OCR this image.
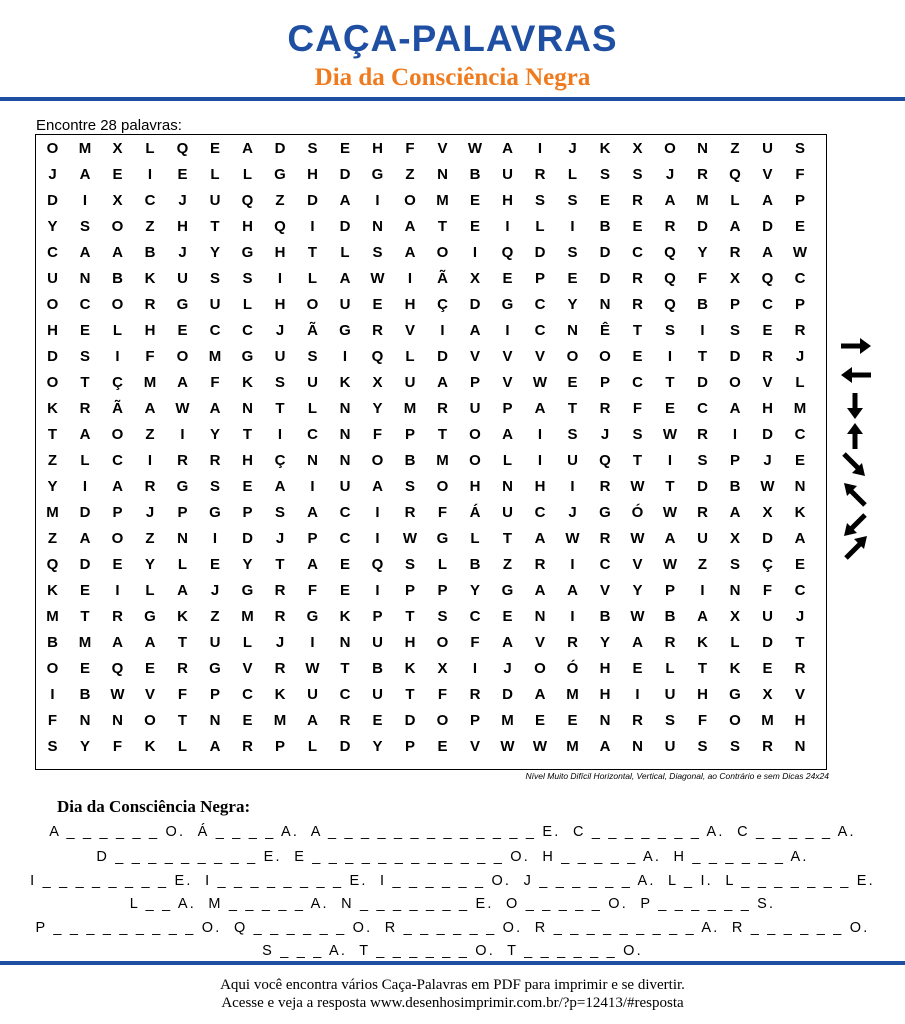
CAÇA-PALAVRAS
Dia da Consciência Negra
Encontre 28 palavras:
O	M	X	L	Q	E	A	D	S	E	H	F	V	W	A	I	J	K	X	O	N	Z	U	S
J	A	E	I	E	L	L	G	H	D	G	Z	N	B	U	R	L	S	S	J	R	Q	V	F
D	I	X	C	J	U	Q	Z	D	A	I	O	M	E	H	S	S	E	R	A	M	L	A	P
Y	S	O	Z	H	T	H	Q	I	D	N	A	T	E	I	L	I	B	E	R	D	A	D	E
C	A	A	B	J	Y	G	H	T	L	S	A	O	I	Q	D	S	D	C	Q	Y	R	A	W
U	N	B	K	U	S	S	I	L	A	W	I	Ã	X	E	P	E	D	R	Q	F	X	Q	C
O	C	O	R	G	U	L	H	O	U	E	H	Ç	D	G	C	Y	N	R	Q	B	P	C	P
H	E	L	H	E	C	C	J	Ã	G	R	V	I	A	I	C	N	Ê	T	S	I	S	E	R
D	S	I	F	O	M	G	U	S	I	Q	L	D	V	V	V	O	O	E	I	T	D	R	J
O	T	Ç	M	A	F	K	S	U	K	X	U	A	P	V	W	E	P	C	T	D	O	V	L
K	R	Ã	A	W	A	N	T	L	N	Y	M	R	U	P	A	T	R	F	E	C	A	H	M
T	A	O	Z	I	Y	T	I	C	N	F	P	T	O	A	I	S	J	S	W	R	I	D	C
Z	L	C	I	R	R	H	Ç	N	N	O	B	M	O	L	I	U	Q	T	I	S	P	J	E
Y	I	A	R	G	S	E	A	I	U	A	S	O	H	N	H	I	R	W	T	D	B	W	N
M	D	P	J	P	G	P	S	A	C	I	R	F	Á	U	C	J	G	Ó	W	R	A	X	K
Z	A	O	Z	N	I	D	J	P	C	I	W	G	L	T	A	W	R	W	A	U	X	D	A
Q	D	E	Y	L	E	Y	T	A	E	Q	S	L	B	Z	R	I	C	V	W	Z	S	Ç	E
K	E	I	L	A	J	G	R	F	E	I	P	P	Y	G	A	A	V	Y	P	I	N	F	C
M	T	R	G	K	Z	M	R	G	K	P	T	S	C	E	N	I	B	W	B	A	X	U	J
B	M	A	A	T	U	L	J	I	N	U	H	O	F	A	V	R	Y	A	R	K	L	D	T
O	E	Q	E	R	G	V	R	W	T	B	K	X	I	J	O	Ó	H	E	L	T	K	E	R
I	B	W	V	F	P	C	K	U	C	U	T	F	R	D	A	M	H	I	U	H	G	X	V
F	N	N	O	T	N	E	M	A	R	E	D	O	P	M	E	E	N	R	S	F	O	M	H
S	Y	F	K	L	A	R	P	L	D	Y	P	E	V	W	W	M	A	N	U	S	S	R	N
Nível Muito Difícil Horizontal, Vertical, Diagonal, ao Contrário e sem Dicas 24x24
Dia da Consciência Negra:
A _ _ _ _ _ _ O.  Á _ _ _ _ A.  A _ _ _ _ _ _ _ _ _ _ _ _ _ E.  C _ _ _ _ _ _ _ A.  C _ _ _ _ _ A.
D _ _ _ _ _ _ _ _ _ E.  E _ _ _ _ _ _ _ _ _ _ _ _ O.  H _ _ _ _ _ A.  H _ _ _ _ _ _ A.
I _ _ _ _ _ _ _ _ E.  I _ _ _ _ _ _ _ _ E.  I _ _ _ _ _ _ O.  J _ _ _ _ _ _ A.  L _ I.  L _ _ _ _ _ _ _ E.
L _ _ A.  M _ _ _ _ _ A.  N _ _ _ _ _ _ _ E.  O _ _ _ _ _ O.  P _ _ _ _ _ _ S.
P _ _ _ _ _ _ _ _ _ O.  Q _ _ _ _ _ _ O.  R _ _ _ _ _ _ O.  R _ _ _ _ _ _ _ _ _ A.  R _ _ _ _ _ _ O.
S _ _ _ A.  T _ _ _ _ _ _ O.  T _ _ _ _ _ _ O.
Aqui você encontra vários Caça-Palavras em PDF para imprimir e se divertir.
Acesse e veja a resposta www.desenhosimprimir.com.br/?p=12413/#resposta
